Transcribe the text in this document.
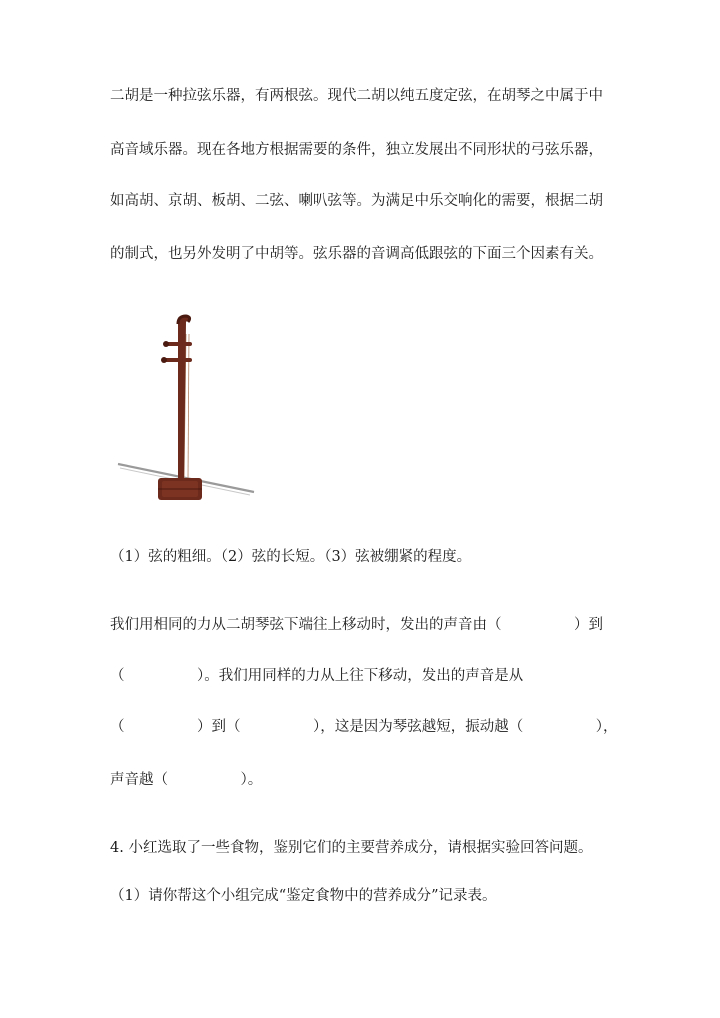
二胡是一种拉弦乐器，有两根弦。现代二胡以纯五度定弦，在胡琴之中属于中
高音域乐器。现在各地方根据需要的条件，独立发展出不同形状的弓弦乐器，
如高胡、京胡、板胡、二弦、喇叭弦等。为满足中乐交响化的需要，根据二胡
的制式，也另外发明了中胡等。弦乐器的音调高低跟弦的下面三个因素有关。
（1）弦的粗细。（2）弦的长短。（3）弦被绷紧的程度。
我们用相同的力从二胡琴弦下端往上移动时，发出的声音由（　　　　　）到
（　　　　　）。我们用同样的力从上往下移动，发出的声音是从
（　　　　　）到（　　　　　），这是因为琴弦越短，振动越（　　　　　），
声音越（　　　　　）。
4. 小红选取了一些食物，鉴别它们的主要营养成分，请根据实验回答问题。
（1）请你帮这个小组完成“鉴定食物中的营养成分”记录表。
